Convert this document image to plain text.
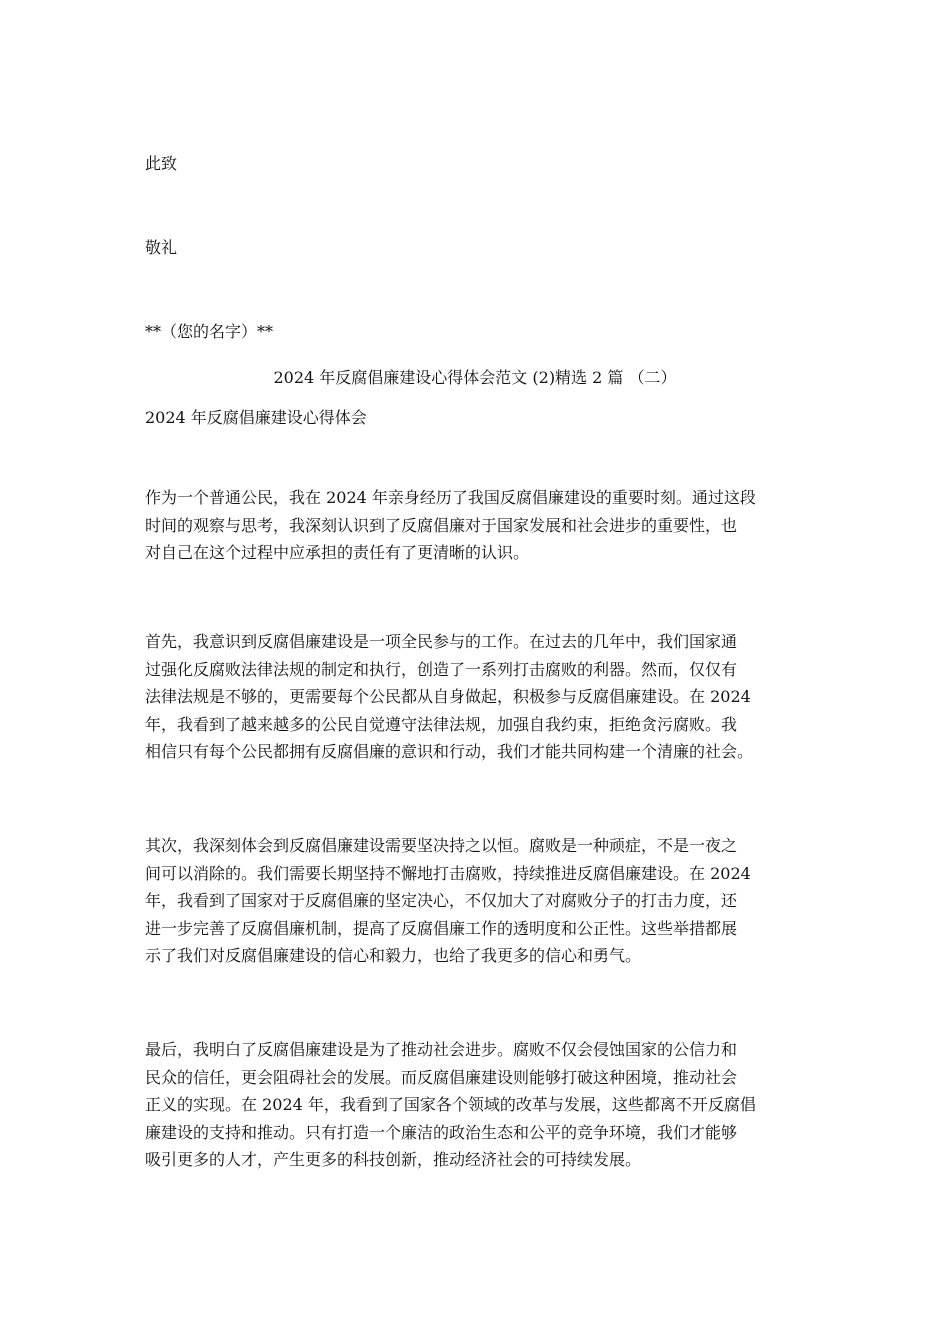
此致
敬礼
**（您的名字）**
2024 年反腐倡廉建设心得体会范文 (2)精选 2 篇 （二）
2024 年反腐倡廉建设心得体会
作为一个普通公民，我在 2024 年亲身经历了我国反腐倡廉建设的重要时刻。通过这段
时间的观察与思考，我深刻认识到了反腐倡廉对于国家发展和社会进步的重要性，也
对自己在这个过程中应承担的责任有了更清晰的认识。
首先，我意识到反腐倡廉建设是一项全民参与的工作。在过去的几年中，我们国家通
过强化反腐败法律法规的制定和执行，创造了一系列打击腐败的利器。然而，仅仅有
法律法规是不够的，更需要每个公民都从自身做起，积极参与反腐倡廉建设。在 2024
年，我看到了越来越多的公民自觉遵守法律法规，加强自我约束，拒绝贪污腐败。我
相信只有每个公民都拥有反腐倡廉的意识和行动，我们才能共同构建一个清廉的社会。
其次，我深刻体会到反腐倡廉建设需要坚决持之以恒。腐败是一种顽症，不是一夜之
间可以消除的。我们需要长期坚持不懈地打击腐败，持续推进反腐倡廉建设。在 2024
年，我看到了国家对于反腐倡廉的坚定决心，不仅加大了对腐败分子的打击力度，还
进一步完善了反腐倡廉机制，提高了反腐倡廉工作的透明度和公正性。这些举措都展
示了我们对反腐倡廉建设的信心和毅力，也给了我更多的信心和勇气。
最后，我明白了反腐倡廉建设是为了推动社会进步。腐败不仅会侵蚀国家的公信力和
民众的信任，更会阻碍社会的发展。而反腐倡廉建设则能够打破这种困境，推动社会
正义的实现。在 2024 年，我看到了国家各个领域的改革与发展，这些都离不开反腐倡
廉建设的支持和推动。只有打造一个廉洁的政治生态和公平的竞争环境，我们才能够
吸引更多的人才，产生更多的科技创新，推动经济社会的可持续发展。
